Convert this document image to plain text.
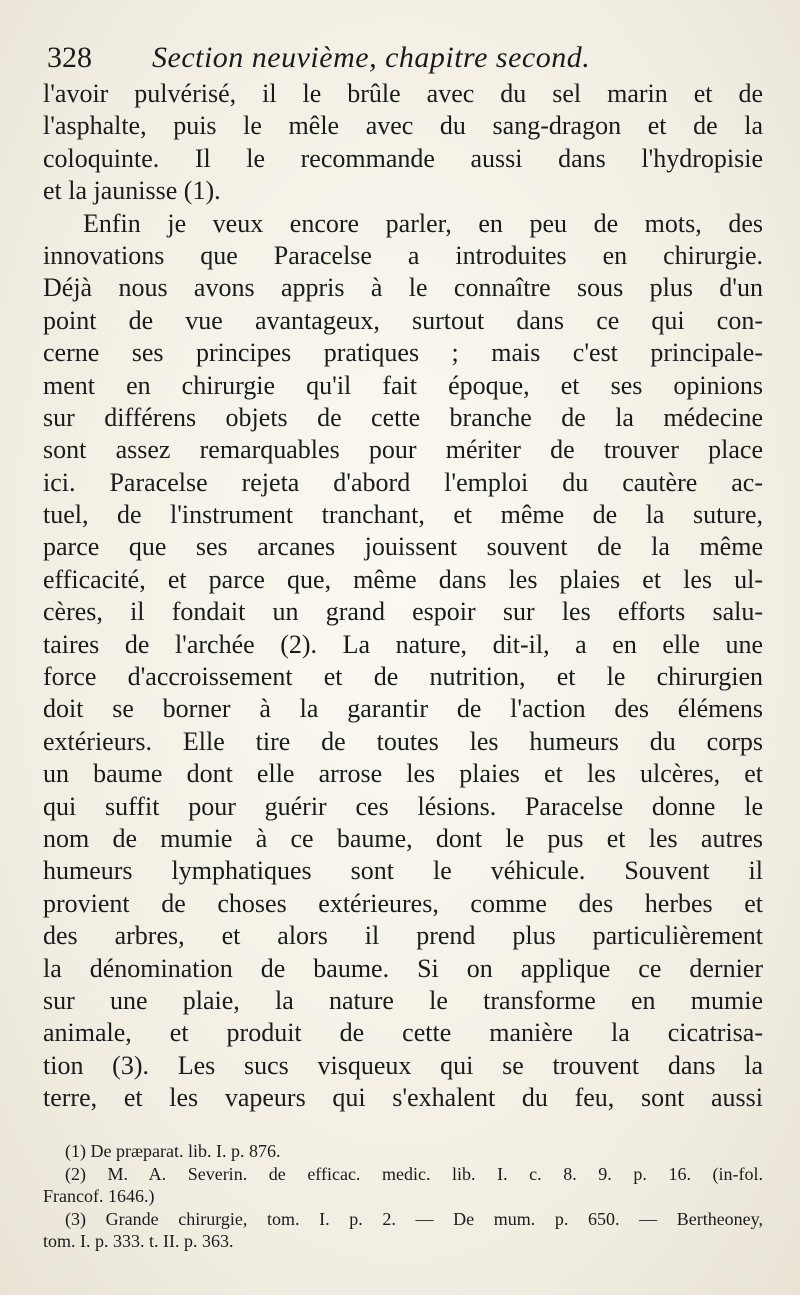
328 Section neuvième, chapitre second.
l'avoir pulvérisé, il le brûle avec du sel marin et de
l'asphalte, puis le mêle avec du sang-dragon et de la
coloquinte. Il le recommande aussi dans l'hydropisie
et la jaunisse (1).
Enfin je veux encore parler, en peu de mots, des
innovations que Paracelse a introduites en chirurgie.
Déjà nous avons appris à le connaître sous plus d'un
point de vue avantageux, surtout dans ce qui con-
cerne ses principes pratiques ; mais c'est principale-
ment en chirurgie qu'il fait époque, et ses opinions
sur différens objets de cette branche de la médecine
sont assez remarquables pour mériter de trouver place
ici. Paracelse rejeta d'abord l'emploi du cautère ac-
tuel, de l'instrument tranchant, et même de la suture,
parce que ses arcanes jouissent souvent de la même
efficacité, et parce que, même dans les plaies et les ul-
cères, il fondait un grand espoir sur les efforts salu-
taires de l'archée (2). La nature, dit-il, a en elle une
force d'accroissement et de nutrition, et le chirurgien
doit se borner à la garantir de l'action des élémens
extérieurs. Elle tire de toutes les humeurs du corps
un baume dont elle arrose les plaies et les ulcères, et
qui suffit pour guérir ces lésions. Paracelse donne le
nom de mumie à ce baume, dont le pus et les autres
humeurs lymphatiques sont le véhicule. Souvent il
provient de choses extérieures, comme des herbes et
des arbres, et alors il prend plus particulièrement
la dénomination de baume. Si on applique ce dernier
sur une plaie, la nature le transforme en mumie
animale, et produit de cette manière la cicatrisa-
tion (3). Les sucs visqueux qui se trouvent dans la
terre, et les vapeurs qui s'exhalent du feu, sont aussi
(1) De præparat. lib. I. p. 876.
(2) M. A. Severin. de efficac. medic. lib. I. c. 8. 9. p. 16. (in-fol.
Francof. 1646.)
(3) Grande chirurgie, tom. I. p. 2. — De mum. p. 650. — Bertheoney,
tom. I. p. 333. t. II. p. 363.
